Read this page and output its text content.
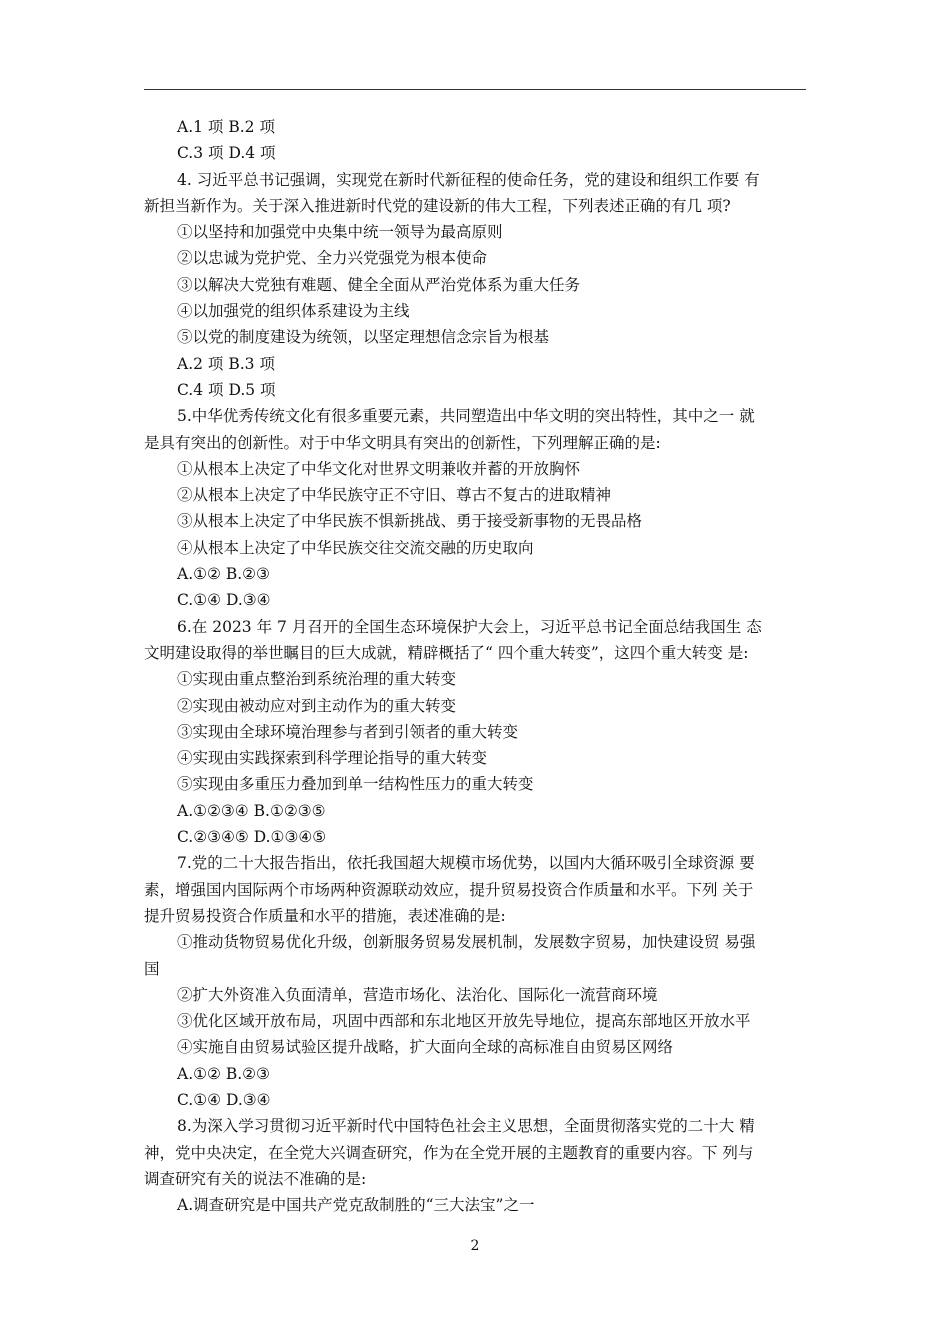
A.1 项 B.2 项
C.3 项 D.4 项
4. 习近平总书记强调，实现党在新时代新征程的使命任务，党的建设和组织工作要 有
新担当新作为。关于深入推进新时代党的建设新的伟大工程，下列表述正确的有几 项?
①以坚持和加强党中央集中统一领导为最高原则
②以忠诚为党护党、全力兴党强党为根本使命
③以解决大党独有难题、健全全面从严治党体系为重大任务
④以加强党的组织体系建设为主线
⑤以党的制度建设为统领，以坚定理想信念宗旨为根基
A.2 项 B.3 项
C.4 项 D.5 项
5.中华优秀传统文化有很多重要元素，共同塑造出中华文明的突出特性，其中之一 就
是具有突出的创新性。对于中华文明具有突出的创新性，下列理解正确的是:
①从根本上决定了中华文化对世界文明兼收并蓄的开放胸怀
②从根本上决定了中华民族守正不守旧、尊古不复古的进取精神
③从根本上决定了中华民族不惧新挑战、勇于接受新事物的无畏品格
④从根本上决定了中华民族交往交流交融的历史取向
A.①② B.②③
C.①④ D.③④
6.在 2023 年 7 月召开的全国生态环境保护大会上，习近平总书记全面总结我国生 态
文明建设取得的举世瞩目的巨大成就，精辟概括了“ 四个重大转变”，这四个重大转变 是:
①实现由重点整治到系统治理的重大转变
②实现由被动应对到主动作为的重大转变
③实现由全球环境治理参与者到引领者的重大转变
④实现由实践探索到科学理论指导的重大转变
⑤实现由多重压力叠加到单一结构性压力的重大转变
A.①②③④ B.①②③⑤
C.②③④⑤ D.①③④⑤
7.党的二十大报告指出，依托我国超大规模市场优势，以国内大循环吸引全球资源 要
素，增强国内国际两个市场两种资源联动效应，提升贸易投资合作质量和水平。下列 关于
提升贸易投资合作质量和水平的措施，表述准确的是:
①推动货物贸易优化升级，创新服务贸易发展机制，发展数字贸易，加快建设贸 易强
国
②扩大外资准入负面清单，营造市场化、法治化、国际化一流营商环境
③优化区域开放布局，巩固中西部和东北地区开放先导地位，提高东部地区开放水平
④实施自由贸易试验区提升战略，扩大面向全球的高标准自由贸易区网络
A.①② B.②③
C.①④ D.③④
8.为深入学习贯彻习近平新时代中国特色社会主义思想，全面贯彻落实党的二十大 精
神，党中央决定，在全党大兴调查研究，作为在全党开展的主题教育的重要内容。下 列与
调查研究有关的说法不准确的是:
A.调查研究是中国共产党克敌制胜的“三大法宝”之一
2
